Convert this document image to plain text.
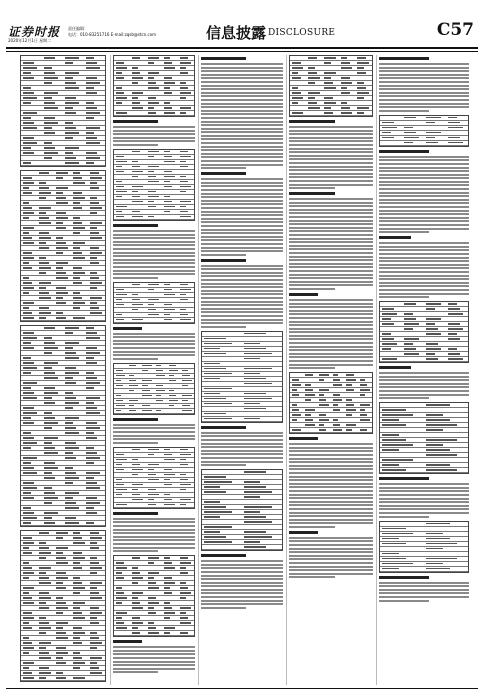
证券时报 责任编辑：
电话：010-83251716 E-mail:zqsb@stcn.com
2020年12月1日 星期二	信息披露 DISCLOSURE	C57
